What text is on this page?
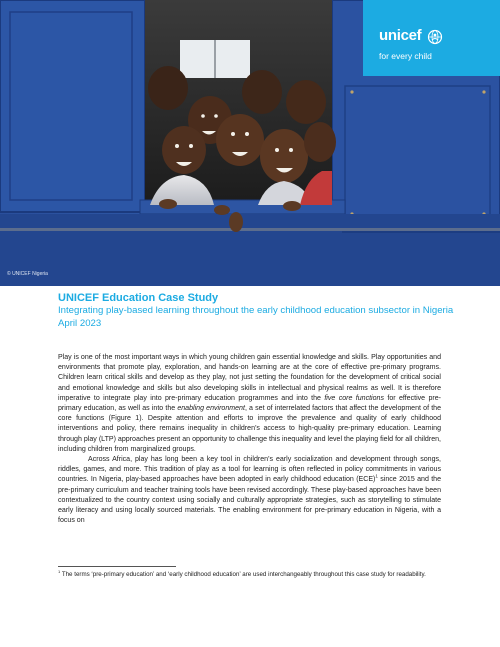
© UNICEF Nigeria
unicef
for every child
UNICEF Education Case Study
Integrating play-based learning throughout the early childhood education subsector in Nigeria
April 2023

Play is one of the most important ways in which young children gain essential knowledge and skills. Play opportunities and environments that promote play, exploration, and hands-on learning are at the core of effective pre-primary programs. Children learn critical skills and develop as they play, not just setting the foundation for the development of critical social and emotional knowledge and skills but also developing skills in intellectual and physical realms as well. It is therefore imperative to integrate play into pre-primary education programmes and into the five core functions for effective pre-primary education, as well as into the enabling environment, a set of interrelated factors that affect the development of the core functions (Figure 1). Despite attention and efforts to improve the prevalence and quality of early childhood interventions and policy, there remains inequality in children’s access to high-quality pre-primary education. Learning through play (LTP) approaches present an opportunity to challenge this inequality and level the playing field for all children, including children from marginalized groups.

Across Africa, play has long been a key tool in children’s early socialization and development through songs, riddles, games, and more. This tradition of play as a tool for learning is often reflected in policy commitments in various countries. In Nigeria, play-based approaches have been adopted in early childhood education (ECE)$^1$ since 2015 and the pre-primary curriculum and teacher training tools have been revised accordingly. These play-based approaches have been contextualized to the country context using socially and culturally appropriate strategies, such as storytelling to stimulate early literacy and using locally sourced materials. The enabling environment for pre-primary education in Nigeria, with a focus on

$^1$ The terms ‘pre-primary education’ and ‘early childhood education’ are used interchangeably throughout this case study for readability.
